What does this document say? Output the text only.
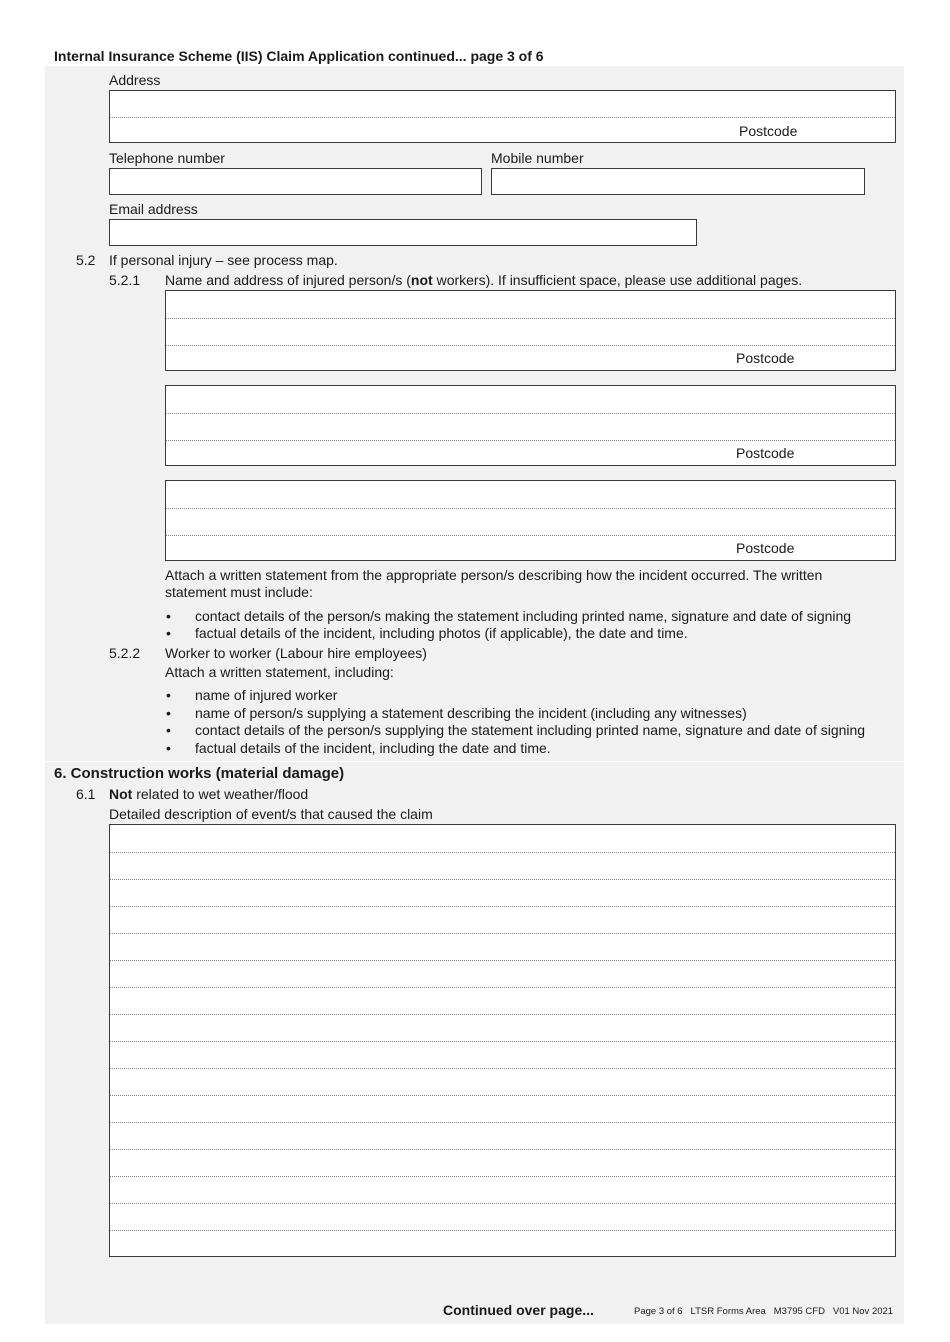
Internal Insurance Scheme (IIS) Claim Application continued... page 3 of 6
Address
Postcode
Telephone number	Mobile number
Email address
5.2 If personal injury – see process map.
5.2.1 Name and address of injured person/s (not workers). If insufficient space, please use additional pages.
Postcode
Postcode
Postcode
Attach a written statement from the appropriate person/s describing how the incident occurred. The written
statement must include:
• contact details of the person/s making the statement including printed name, signature and date of signing
• factual details of the incident, including photos (if applicable), the date and time.
5.2.2 Worker to worker (Labour hire employees)
Attach a written statement, including:
• name of injured worker
• name of person/s supplying a statement describing the incident (including any witnesses)
• contact details of the person/s supplying the statement including printed name, signature and date of signing
• factual details of the incident, including the date and time.
6. Construction works (material damage)
6.1 Not related to wet weather/flood
Detailed description of event/s that caused the claim
Continued over page...	Page 3 of 6   LTSR Forms Area   M3795 CFD   V01 Nov 2021
